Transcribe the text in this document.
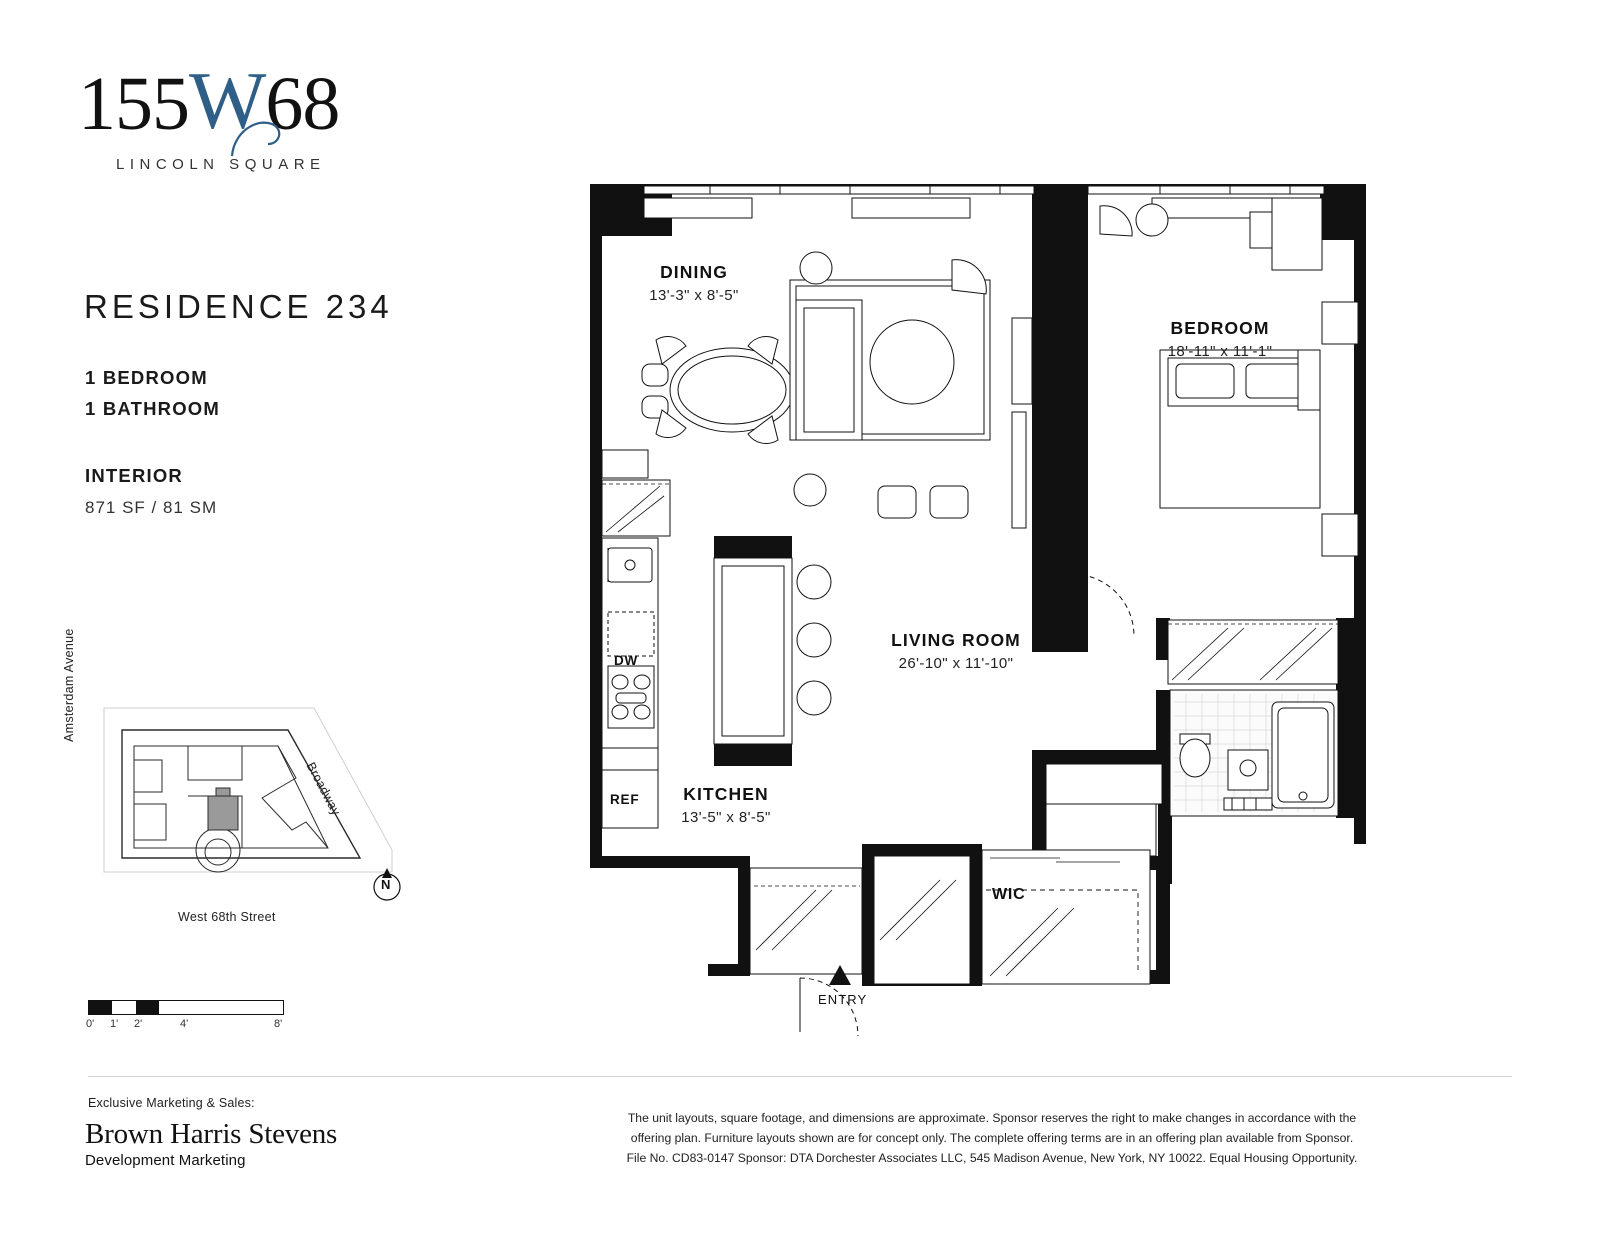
155 W 68
LINCOLN SQUARE
RESIDENCE 234
1 BEDROOM
1 BATHROOM
INTERIOR
871 SF / 81 SM
West 68th Street
Amsterdam Avenue
Broadway
N
0' 1' 2'	4'	8'
DINING
13'-3" x 8'-5"
BEDROOM
18'-11" x 11'-1"
LIVING ROOM
26'-10" x 11'-10"
KITCHEN
13'-5" x 8'-5"
DW
REF
WIC
ENTRY
Exclusive Marketing & Sales:
Brown Harris Stevens
Development Marketing
The unit layouts, square footage, and dimensions are approximate. Sponsor reserves the right to make changes in accordance with the
offering plan. Furniture layouts shown are for concept only. The complete offering terms are in an offering plan available from Sponsor.
File No. CD83-0147 Sponsor: DTA Dorchester Associates LLC, 545 Madison Avenue, New York, NY 10022. Equal Housing Opportunity.
